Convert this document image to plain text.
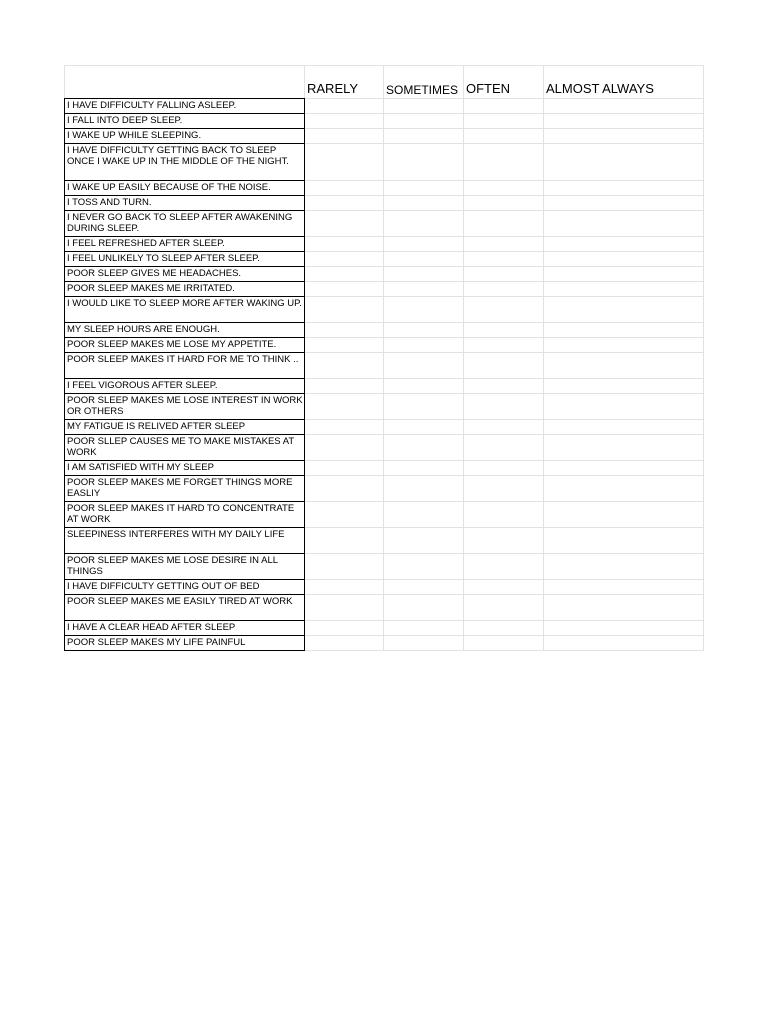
	RARELY	SOMETIMES	OFTEN	ALMOST ALWAYS
I HAVE DIFFICULTY FALLING ASLEEP.				
I FALL INTO DEEP SLEEP.				
I WAKE UP WHILE SLEEPING.				
I HAVE DIFFICULTY GETTING BACK TO SLEEP ONCE I WAKE UP IN THE MIDDLE OF THE NIGHT.				
I WAKE UP EASILY BECAUSE OF THE NOISE.				
I TOSS AND TURN.				
I NEVER GO BACK TO SLEEP AFTER AWAKENING DURING SLEEP.				
I FEEL REFRESHED AFTER SLEEP.				
I FEEL UNLIKELY TO SLEEP AFTER SLEEP.				
POOR SLEEP GIVES ME HEADACHES.				
POOR SLEEP MAKES ME IRRITATED.				
I WOULD LIKE TO SLEEP MORE AFTER WAKING UP.				
MY SLEEP HOURS ARE ENOUGH.				
POOR SLEEP MAKES ME LOSE MY APPETITE.				
POOR SLEEP MAKES IT HARD FOR ME TO THINK ..				
I FEEL VIGOROUS AFTER SLEEP.				
POOR SLEEP MAKES ME LOSE INTEREST IN WORK OR OTHERS				
MY FATIGUE IS RELIVED AFTER SLEEP				
POOR SLLEP CAUSES ME TO MAKE MISTAKES AT WORK				
I AM SATISFIED WITH MY SLEEP				
POOR SLEEP MAKES ME FORGET THINGS MORE EASLIY				
POOR SLEEP MAKES IT HARD TO CONCENTRATE AT WORK				
SLEEPINESS INTERFERES WITH MY DAILY LIFE				
POOR SLEEP MAKES ME LOSE DESIRE IN ALL THINGS				
I HAVE DIFFICULTY GETTING OUT OF BED				
POOR SLEEP MAKES ME EASILY TIRED AT WORK				
I HAVE A CLEAR HEAD AFTER SLEEP				
POOR SLEEP MAKES MY LIFE PAINFUL				
